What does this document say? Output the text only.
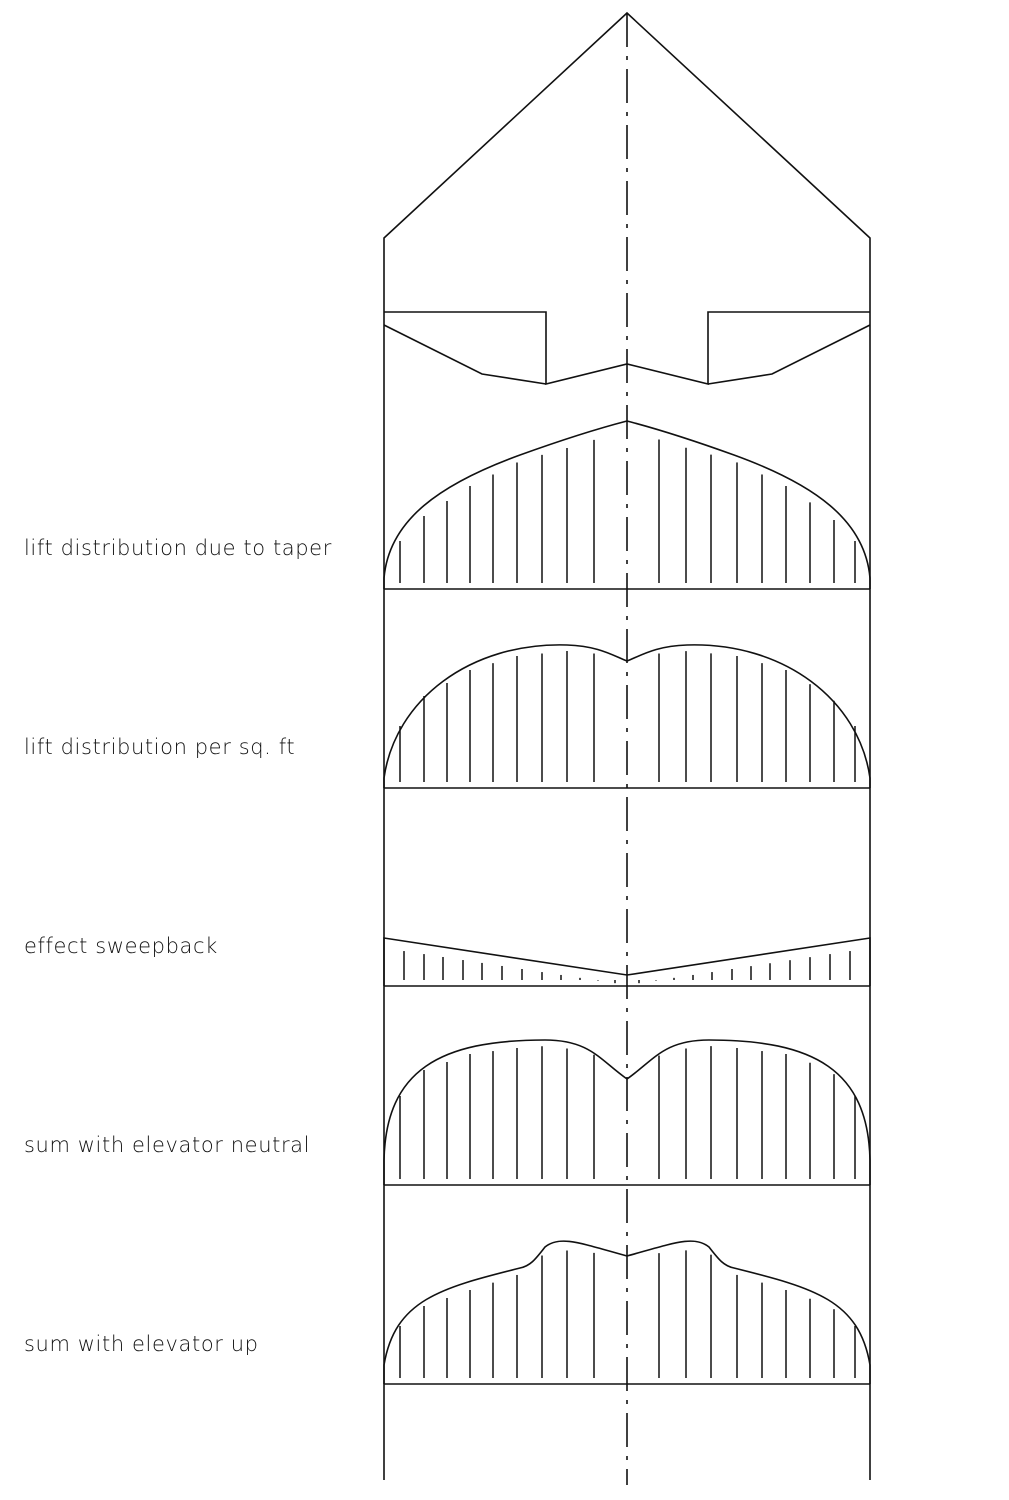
lift distribution due to taper
lift distribution per sq. ft
effect sweepback
sum with elevator neutral
sum with elevator up
